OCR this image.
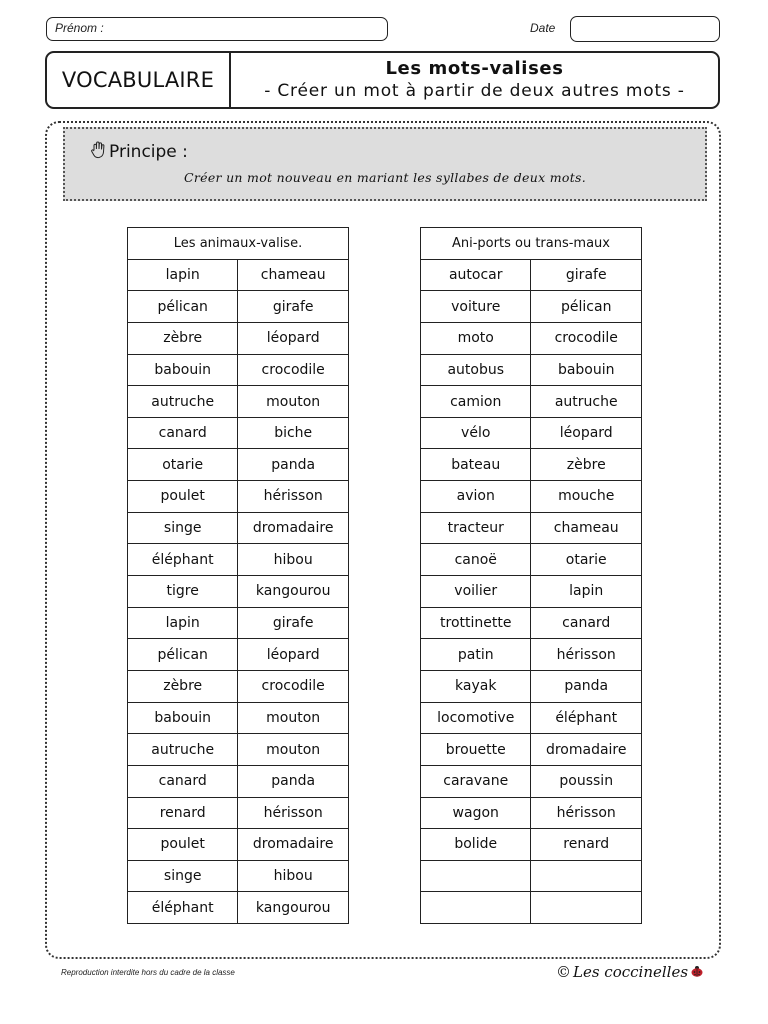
Prénom :	Date
VOCABULAIRE	Les mots-valises
- Créer un mot à partir de deux autres mots -
Principe :
Créer un mot nouveau en mariant les syllabes de deux mots.
Les animaux-valise.	
lapin	chameau
pélican	girafe
zèbre	léopard
babouin	crocodile
autruche	mouton
canard	biche
otarie	panda
poulet	hérisson
singe	dromadaire
éléphant	hibou
tigre	kangourou
lapin	girafe
pélican	léopard
zèbre	crocodile
babouin	mouton
autruche	mouton
canard	panda
renard	hérisson
poulet	dromadaire
singe	hibou
éléphant	kangourou
Ani-ports ou trans-maux	
autocar	girafe
voiture	pélican
moto	crocodile
autobus	babouin
camion	autruche
vélo	léopard
bateau	zèbre
avion	mouche
tracteur	chameau
canoë	otarie
voilier	lapin
trottinette	canard
patin	hérisson
kayak	panda
locomotive	éléphant
brouette	dromadaire
caravane	poussin
wagon	hérisson
bolide	renard

Reproduction interdite hors du cadre de la classe	© Les coccinelles
